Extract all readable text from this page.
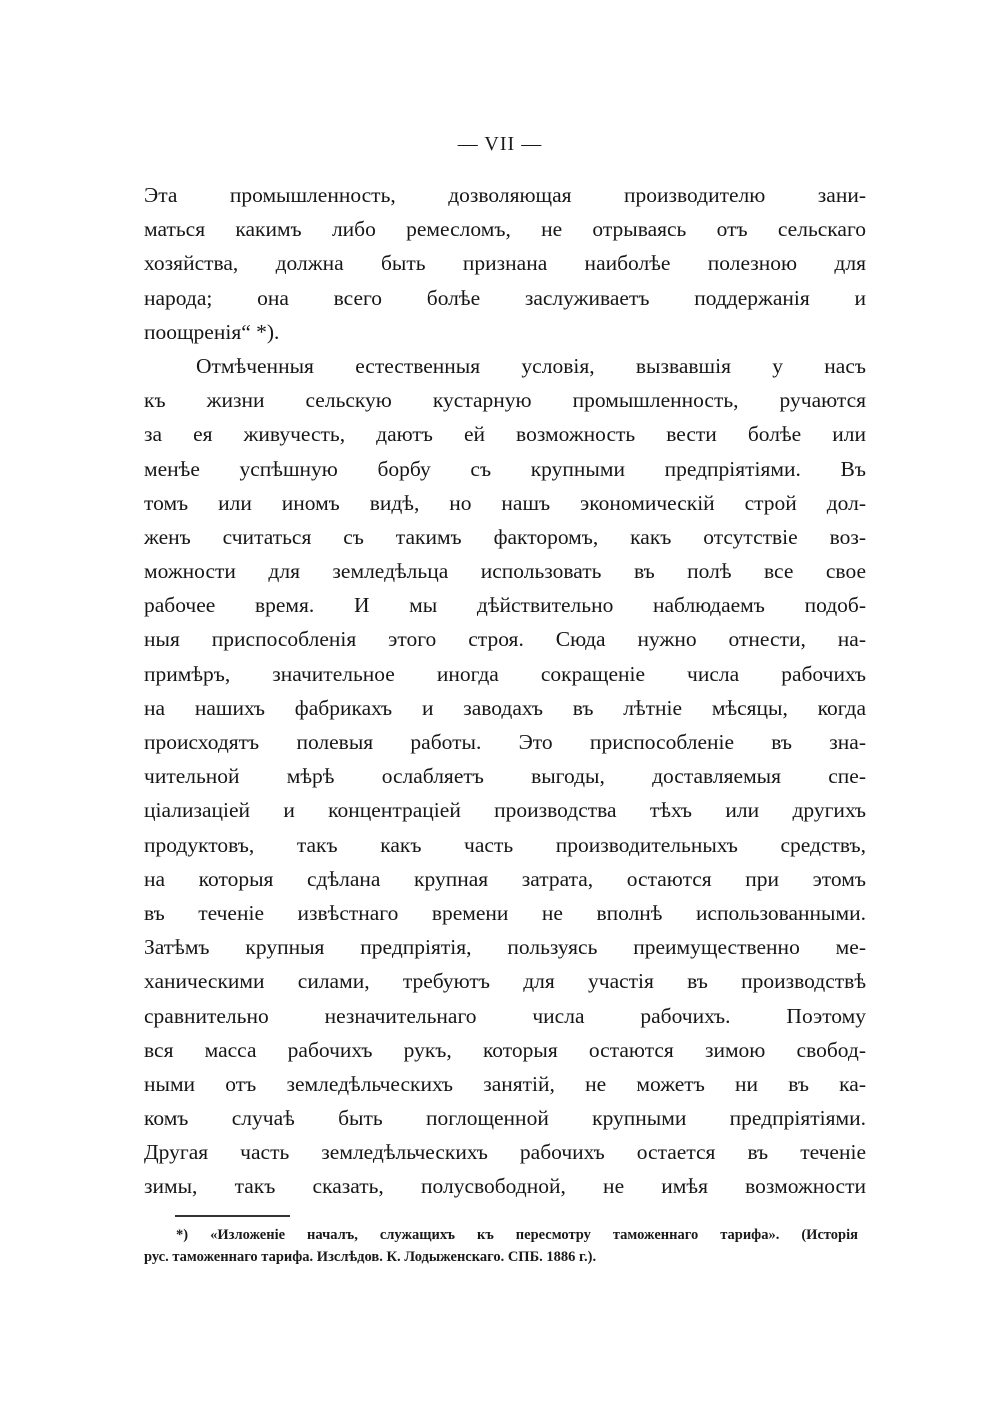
— VII —
Эта промышленность, дозволяющая производителю зани-
маться какимъ либо ремесломъ, не отрываясь отъ сельскаго
хозяйства, должна быть признана наиболѣе полезною для
народа; она всего болѣе заслуживаетъ поддержанія и
поощренія“ *).
Отмѣченныя естественныя условія, вызвавшія у насъ
къ жизни сельскую кустарную промышленность, ручаются
за ея живучесть, даютъ ей возможность вести болѣе или
менѣе успѣшную борбу съ крупными предпріятіями. Въ
томъ или иномъ видѣ, но нашъ экономическій строй дол-
женъ считаться съ такимъ факторомъ, какъ отсутствіе воз-
можности для земледѣльца использовать въ полѣ все свое
рабочее время. И мы дѣйствительно наблюдаемъ подоб-
ныя приспособленія этого строя. Сюда нужно отнести, на-
примѣръ, значительное иногда сокращеніе числа рабочихъ
на нашихъ фабрикахъ и заводахъ въ лѣтніе мѣсяцы, когда
происходятъ полевыя работы. Это приспособленіе въ зна-
чительной мѣрѣ ослабляетъ выгоды, доставляемыя спе-
ціализаціей и концентраціей производства тѣхъ или другихъ
продуктовъ, такъ какъ часть производительныхъ средствъ,
на которыя сдѣлана крупная затрата, остаются при этомъ
въ теченіе извѣстнаго времени не вполнѣ использованными.
Затѣмъ крупныя предпріятія, пользуясь преимущественно ме-
ханическими силами, требуютъ для участія въ производствѣ
сравнительно незначительнаго числа рабочихъ. Поэтому
вся масса рабочихъ рукъ, которыя остаются зимою свобод-
ными отъ земледѣльческихъ занятій, не можетъ ни въ ка-
комъ случаѣ быть поглощенной крупными предпріятіями.
Другая часть земледѣльческихъ рабочихъ остается въ теченіе
зимы, такъ сказать, полусвободной, не имѣя возможности
*) «Изложеніе началъ, служащихъ къ пересмотру таможеннаго тарифа». (Исторія
рус. таможеннаго тарифа. Изслѣдов. К. Лодыженскаго. СПБ. 1886 г.).
